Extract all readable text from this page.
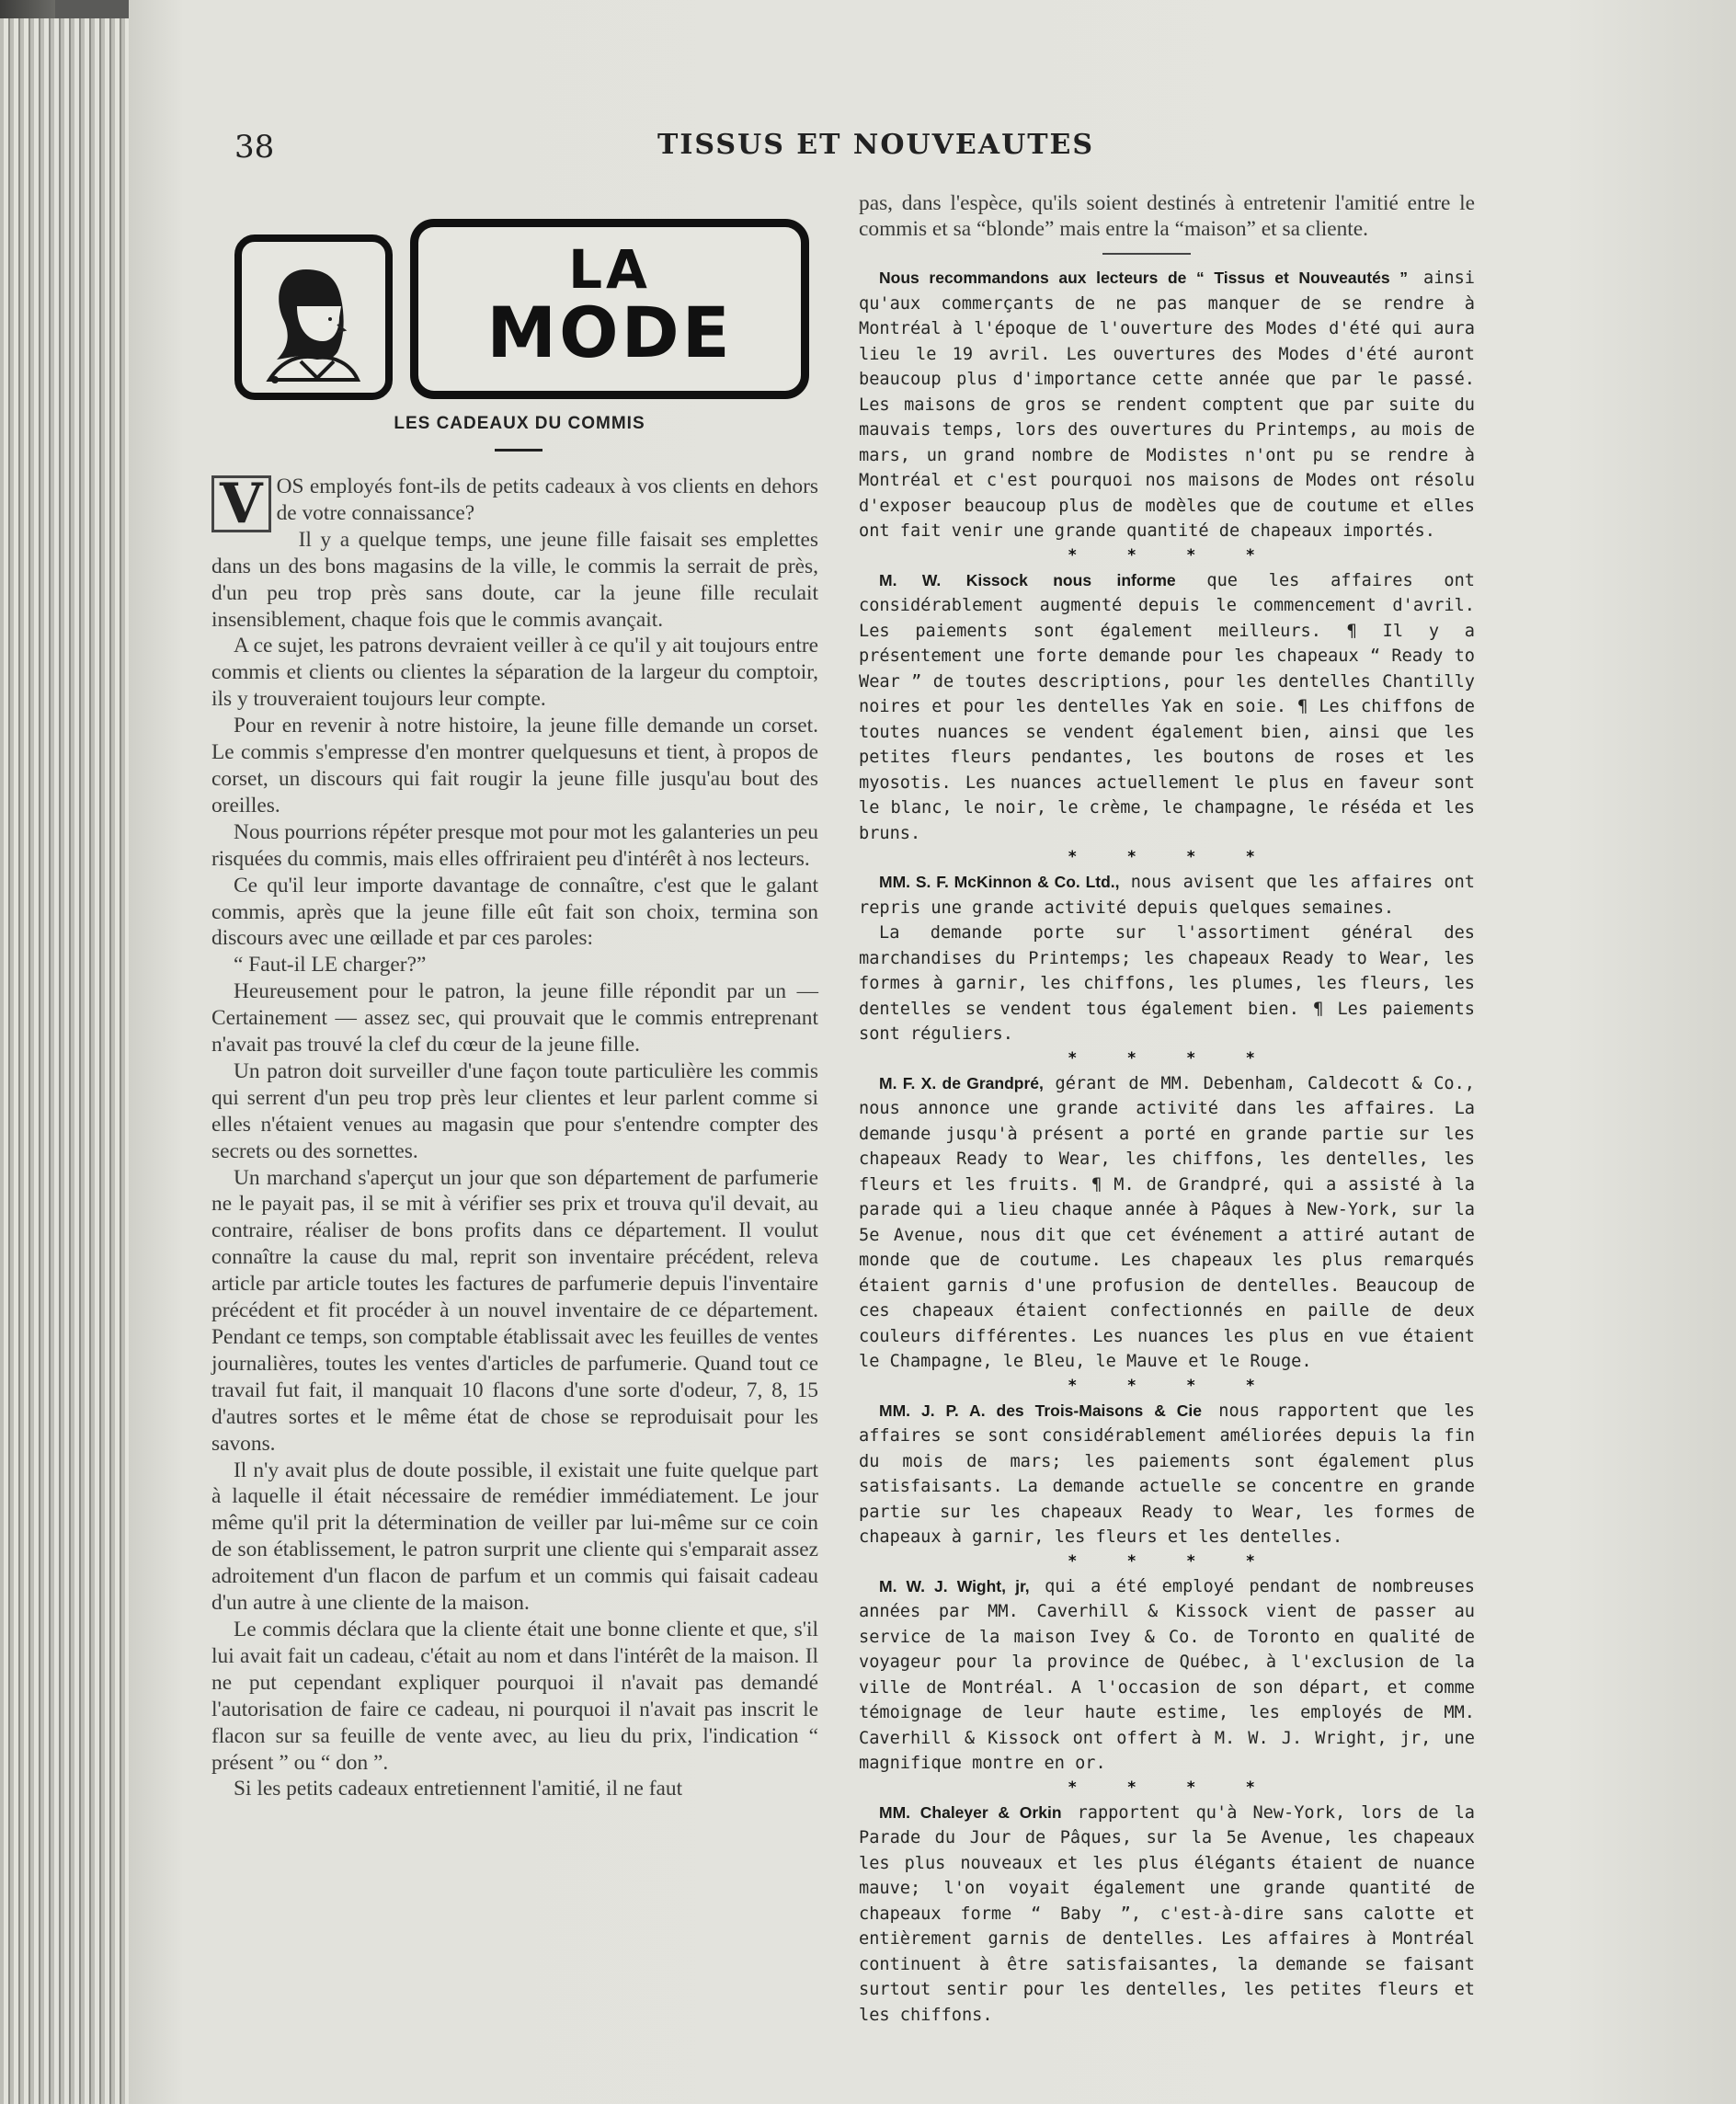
38	TISSUS ET NOUVEAUTES
LA
MODE
LES CADEAUX DU COMMIS

V OS employés font-ils de petits cadeaux à vos clients en dehors de votre connaissance?

Il y a quelque temps, une jeune fille faisait ses emplettes dans un des bons magasins de la ville, le commis la serrait de près, d'un peu trop près sans doute, car la jeune fille reculait insensiblement, chaque fois que le commis avançait.

A ce sujet, les patrons devraient veiller à ce qu'il y ait toujours entre commis et clients ou clientes la séparation de la largeur du comptoir, ils y trouveraient toujours leur compte.

Pour en revenir à notre histoire, la jeune fille demande un corset. Le commis s'empresse d'en montrer quelquesuns et tient, à propos de corset, un discours qui fait rougir la jeune fille jusqu'au bout des oreilles.

Nous pourrions répéter presque mot pour mot les galanteries un peu risquées du commis, mais elles offriraient peu d'intérêt à nos lecteurs.

Ce qu'il leur importe davantage de connaître, c'est que le galant commis, après que la jeune fille eût fait son choix, termina son discours avec une œillade et par ces paroles:

“ Faut-il LE charger?”

Heureusement pour le patron, la jeune fille répondit par un — Certainement — assez sec, qui prouvait que le commis entreprenant n'avait pas trouvé la clef du cœur de la jeune fille.

Un patron doit surveiller d'une façon toute particulière les commis qui serrent d'un peu trop près leur clientes et leur parlent comme si elles n'étaient venues au magasin que pour s'entendre compter des secrets ou des sornettes.

Un marchand s'aperçut un jour que son département de parfumerie ne le payait pas, il se mit à vérifier ses prix et trouva qu'il devait, au contraire, réaliser de bons profits dans ce département. Il voulut connaître la cause du mal, reprit son inventaire précédent, releva article par article toutes les factures de parfumerie depuis l'inventaire précédent et fit procéder à un nouvel inventaire de ce département. Pendant ce temps, son comptable établissait avec les feuilles de ventes journalières, toutes les ventes d'articles de parfumerie. Quand tout ce travail fut fait, il manquait 10 flacons d'une sorte d'odeur, 7, 8, 15 d'autres sortes et le même état de chose se reproduisait pour les savons.

Il n'y avait plus de doute possible, il existait une fuite quelque part à laquelle il était nécessaire de remédier immédiatement. Le jour même qu'il prit la détermination de veiller par lui-même sur ce coin de son établissement, le patron surprit une cliente qui s'emparait assez adroitement d'un flacon de parfum et un commis qui faisait cadeau d'un autre à une cliente de la maison.

Le commis déclara que la cliente était une bonne cliente et que, s'il lui avait fait un cadeau, c'était au nom et dans l'intérêt de la maison. Il ne put cependant expliquer pourquoi il n'avait pas demandé l'autorisation de faire ce cadeau, ni pourquoi il n'avait pas inscrit le flacon sur sa feuille de vente avec, au lieu du prix, l'indication “ présent ” ou “ don ”.

Si les petits cadeaux entretiennent l'amitié, il ne faut

pas, dans l'espèce, qu'ils soient destinés à entretenir l'amitié entre le commis et sa “blonde” mais entre la “maison” et sa cliente.

Nous recommandons aux lecteurs de “ Tissus et Nouveautés ” ainsi qu'aux commerçants de ne pas manquer de se rendre à Montréal à l'époque de l'ouverture des Modes d'été qui aura lieu le 19 avril. Les ouvertures des Modes d'été auront beaucoup plus d'importance cette année que par le passé. Les maisons de gros se rendent comptent que par suite du mauvais temps, lors des ouvertures du Printemps, au mois de mars, un grand nombre de Modistes n'ont pu se rendre à Montréal et c'est pourquoi nos maisons de Modes ont résolu d'exposer beaucoup plus de modèles que de coutume et elles ont fait venir une grande quantité de chapeaux importés.

* * * *

M. W. Kissock nous informe que les affaires ont considérablement augmenté depuis le commencement d'avril. Les paiements sont également meilleurs. ¶ Il y a présentement une forte demande pour les chapeaux “ Ready to Wear ” de toutes descriptions, pour les dentelles Chantilly noires et pour les dentelles Yak en soie. ¶ Les chiffons de toutes nuances se vendent également bien, ainsi que les petites fleurs pendantes, les boutons de roses et les myosotis. Les nuances actuellement le plus en faveur sont le blanc, le noir, le crème, le champagne, le réséda et les bruns.

* * * *

MM. S. F. McKinnon & Co. Ltd., nous avisent que les affaires ont repris une grande activité depuis quelques semaines.

La demande porte sur l'assortiment général des marchandises du Printemps; les chapeaux Ready to Wear, les formes à garnir, les chiffons, les plumes, les fleurs, les dentelles se vendent tous également bien. ¶ Les paiements sont réguliers.

* * * *

M. F. X. de Grandpré, gérant de MM. Debenham, Caldecott & Co., nous annonce une grande activité dans les affaires. La demande jusqu'à présent a porté en grande partie sur les chapeaux Ready to Wear, les chiffons, les dentelles, les fleurs et les fruits. ¶ M. de Grandpré, qui a assisté à la parade qui a lieu chaque année à Pâques à New-York, sur la 5e Avenue, nous dit que cet événement a attiré autant de monde que de coutume. Les chapeaux les plus remarqués étaient garnis d'une profusion de dentelles. Beaucoup de ces chapeaux étaient confectionnés en paille de deux couleurs différentes. Les nuances les plus en vue étaient le Champagne, le Bleu, le Mauve et le Rouge.

* * * *

MM. J. P. A. des Trois-Maisons & Cie nous rapportent que les affaires se sont considérablement améliorées depuis la fin du mois de mars; les paiements sont également plus satisfaisants. La demande actuelle se concentre en grande partie sur les chapeaux Ready to Wear, les formes de chapeaux à garnir, les fleurs et les dentelles.

* * * *

M. W. J. Wight, jr, qui a été employé pendant de nombreuses années par MM. Caverhill & Kissock vient de passer au service de la maison Ivey & Co. de Toronto en qualité de voyageur pour la province de Québec, à l'exclusion de la ville de Montréal. A l'occasion de son départ, et comme témoignage de leur haute estime, les employés de MM. Caverhill & Kissock ont offert à M. W. J. Wright, jr, une magnifique montre en or.

* * * *

MM. Chaleyer & Orkin rapportent qu'à New-York, lors de la Parade du Jour de Pâques, sur la 5e Avenue, les chapeaux les plus nouveaux et les plus élégants étaient de nuance mauve; l'on voyait également une grande quantité de chapeaux forme “ Baby ”, c'est-à-dire sans calotte et entièrement garnis de dentelles. Les affaires à Montréal continuent à être satisfaisantes, la demande se faisant surtout sentir pour les dentelles, les petites fleurs et les chiffons.
